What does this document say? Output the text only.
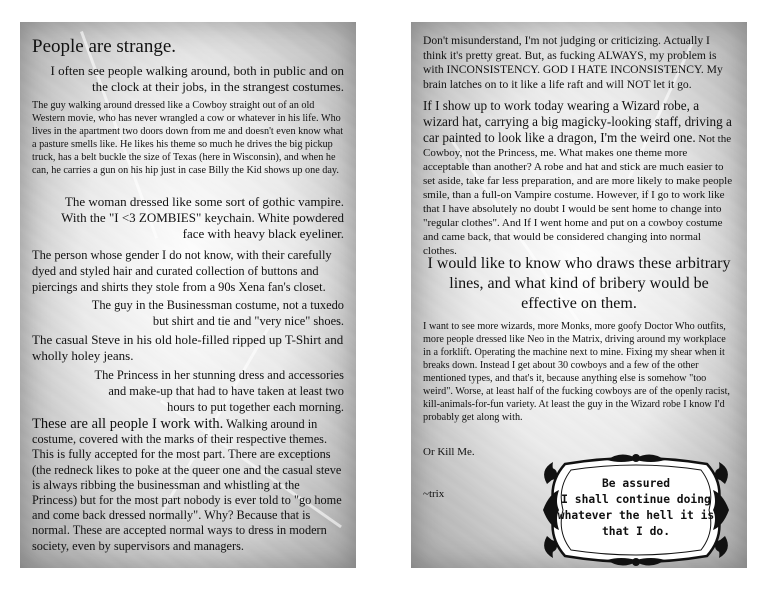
People are strange.

I often see people walking around, both in public and on the clock at their jobs, in the strangest costumes.

The guy walking around dressed like a Cowboy straight out of an old Western movie, who has never wrangled a cow or whatever in his life. Who lives in the apartment two doors down from me and doesn't even know what a pasture smells like. He likes his theme so much he drives the big pickup truck, has a belt buckle the size of Texas (here in Wisconsin), and when he can, he carries a gun on his hip just in case Billy the Kid shows up one day.

The woman dressed like some sort of gothic vampire. With the "I <3 ZOMBIES" keychain. White powdered face with heavy black eyeliner.

The person whose gender I do not know, with their carefully dyed and styled hair and curated collection of buttons and piercings and shirts they stole from a 90s Xena fan's closet.

The guy in the Businessman costume, not a tuxedo but shirt and tie and "very nice" shoes.

The casual Steve in his old hole-filled ripped up T-Shirt and wholly holey jeans.

The Princess in her stunning dress and accessories and make-up that had to have taken at least two hours to put together each morning.

These are all people I work with. Walking around in costume, covered with the marks of their respective themes. This is fully accepted for the most part. There are exceptions (the redneck likes to poke at the queer one and the casual steve is always ribbing the businessman and whistling at the Princess) but for the most part nobody is ever told to "go home and come back dressed normally". Why? Because that is normal. These are accepted normal ways to dress in modern society, even by supervisors and managers.

Don't misunderstand, I'm not judging or criticizing. Actually I think it's pretty great. But, as fucking ALWAYS, my problem is with INCONSISTENCY. GOD I HATE INCONSISTENCY. My brain latches on to it like a life raft and will NOT let it go.

If I show up to work today wearing a Wizard robe, a wizard hat, carrying a big magicky-looking staff, driving a car painted to look like a dragon, I'm the weird one. Not the Cowboy, not the Princess, me. What makes one theme more acceptable than another? A robe and hat and stick are much easier to set aside, take far less preparation, and are more likely to make people smile, than a full-on Vampire costume. However, if I go to work like that I have absolutely no doubt I would be sent home to change into "regular clothes". And If I went home and put on a cowboy costume and came back, that would be considered changing into normal clothes.

I would like to know who draws these arbitrary lines, and what kind of bribery would be effective on them.

I want to see more wizards, more Monks, more goofy Doctor Who outfits, more people dressed like Neo in the Matrix, driving around my workplace in a forklift. Operating the machine next to mine. Fixing my shear when it breaks down. Instead I get about 30 cowboys and a few of the other mentioned types, and that's it, because anything else is somehow "too weird". Worse, at least half of the fucking cowboys are of the openly racist, kill-animals-for-fun variety. At least the guy in the Wizard robe I know I'd probably get along with.

Or Kill Me.

~trix

Be assured
I shall continue doing
whatever the hell it is
that I do.
